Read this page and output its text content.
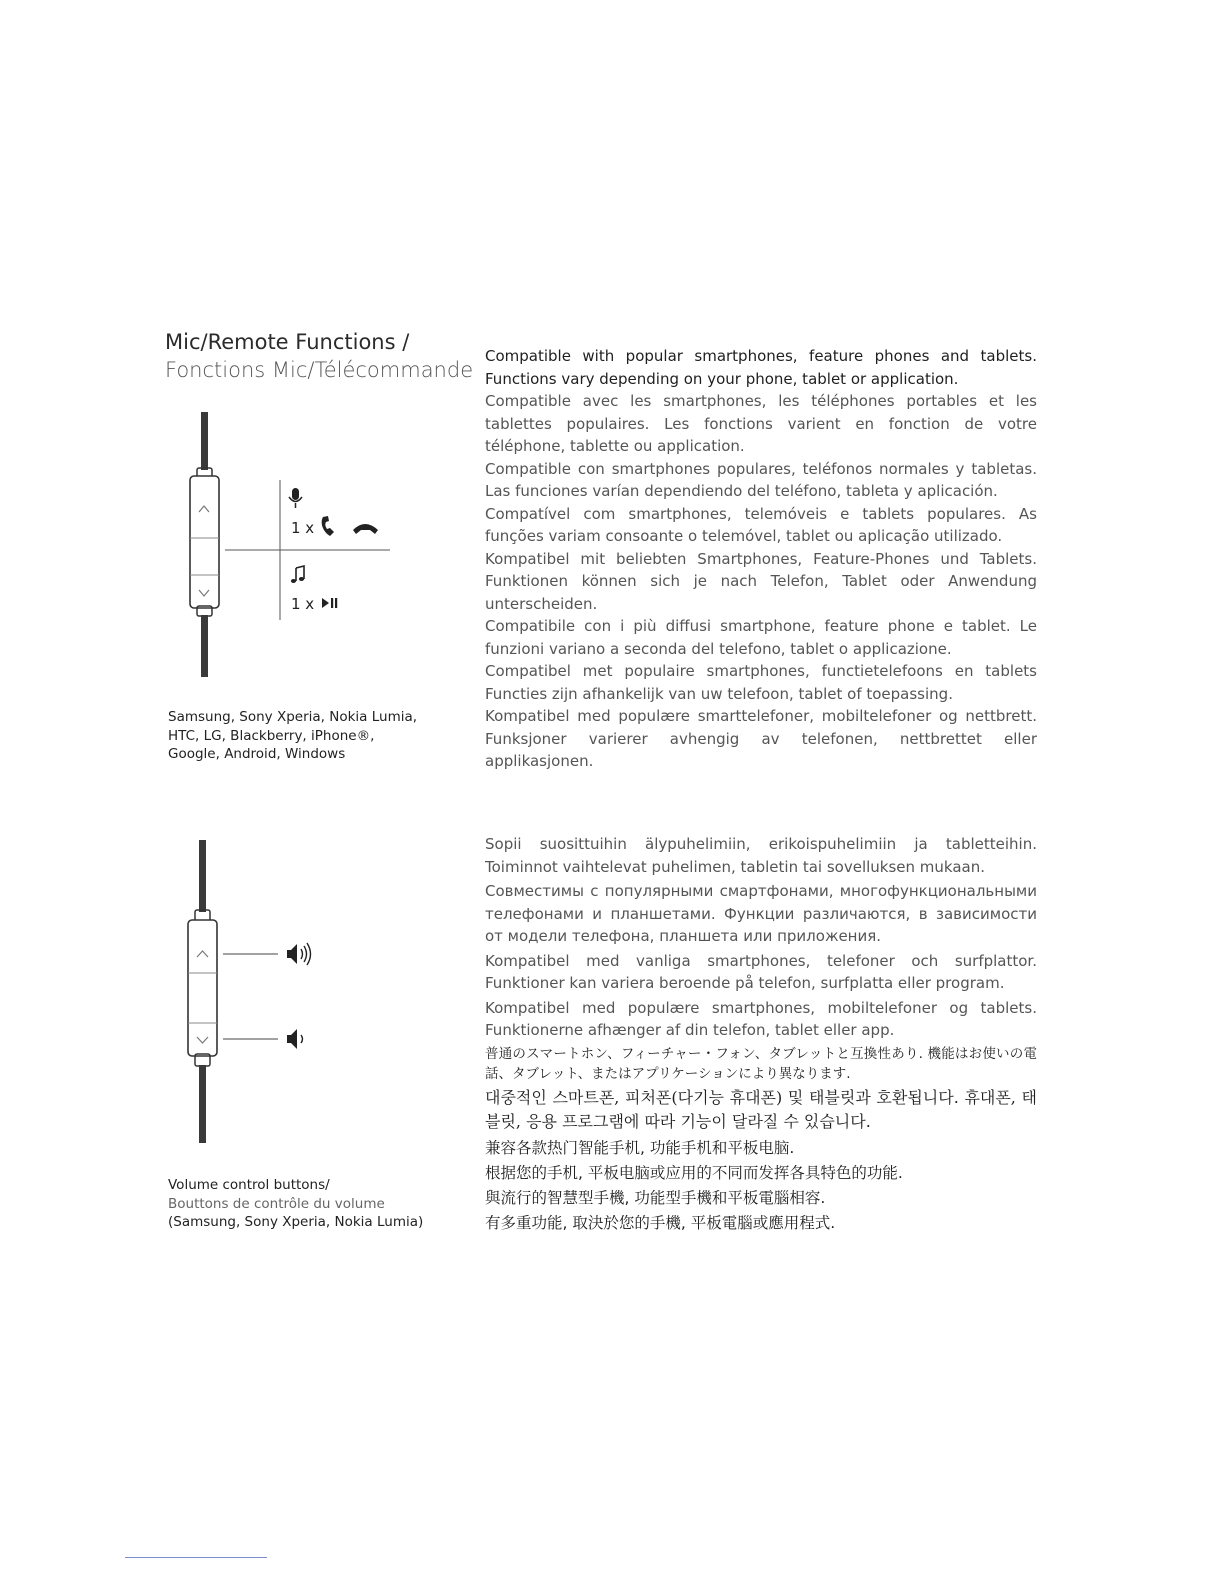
Mic/Remote Functions /
Fonctions Mic/Télécommande
1 x
1 x
Samsung, Sony Xperia, Nokia Lumia,
HTC, LG, Blackberry, iPhone®,
Google, Android, Windows

Compatible with popular smartphones, feature phones and tablets. Functions vary depending on your phone, tablet or application.

Compatible avec les smartphones, les téléphones portables et les tablettes populaires. Les fonctions varient en fonction de votre téléphone, tablette ou application.

Compatible con smartphones populares, teléfonos normales y tabletas. Las funciones varían dependiendo del teléfono, tableta y aplicación.

Compatível com smartphones, telemóveis e tablets populares. As funções variam consoante o telemóvel, tablet ou aplicação utilizado.

Kompatibel mit beliebten Smartphones, Feature-Phones und Tablets. Funktionen können sich je nach Telefon, Tablet oder Anwendung unterscheiden.

Compatibile con i più diffusi smartphone, feature phone e tablet. Le funzioni variano a seconda del telefono, tablet o applicazione.

Compatibel met populaire smartphones, functietelefoons en tablets Functies zijn afhankelijk van uw telefoon, tablet of toepassing.

Kompatibel med populære smarttelefoner, mobiltelefoner og nettbrett. Funksjoner varierer avhengig av telefonen, nettbrettet eller applikasjonen.

Volume control buttons/
Bouttons de contrôle du volume
(Samsung, Sony Xperia, Nokia Lumia)

Sopii suosittuihin älypuhelimiin, erikoispuhelimiin ja tabletteihin. Toiminnot vaihtelevat puhelimen, tabletin tai sovelluksen mukaan.

Совместимы с популярными смартфонами, многофункциональными телефонами и планшетами. Функции различаются, в зависимости от модели телефона, планшета или приложения.

Kompatibel med vanliga smartphones, telefoner och surfplattor. Funktioner kan variera beroende på telefon, surfplatta eller program.

Kompatibel med populære smartphones, mobiltelefoner og tablets. Funktionerne afhænger af din telefon, tablet eller app.

普通のスマートホン、フィーチャー・フォン、タブレットと互換性あり. 機能はお使いの電話、タブレット、またはアプリケーションにより異なります.

대중적인 스마트폰, 피처폰(다기능 휴대폰) 및 태블릿과 호환됩니다. 휴대폰, 태블릿, 응용 프로그램에 따라 기능이 달라질 수 있습니다.

兼容各款热门智能手机, 功能手机和平板电脑.

根据您的手机, 平板电脑或应用的不同而发挥各具特色的功能.

與流行的智慧型手機, 功能型手機和平板電腦相容.

有多重功能, 取決於您的手機, 平板電腦或應用程式.
